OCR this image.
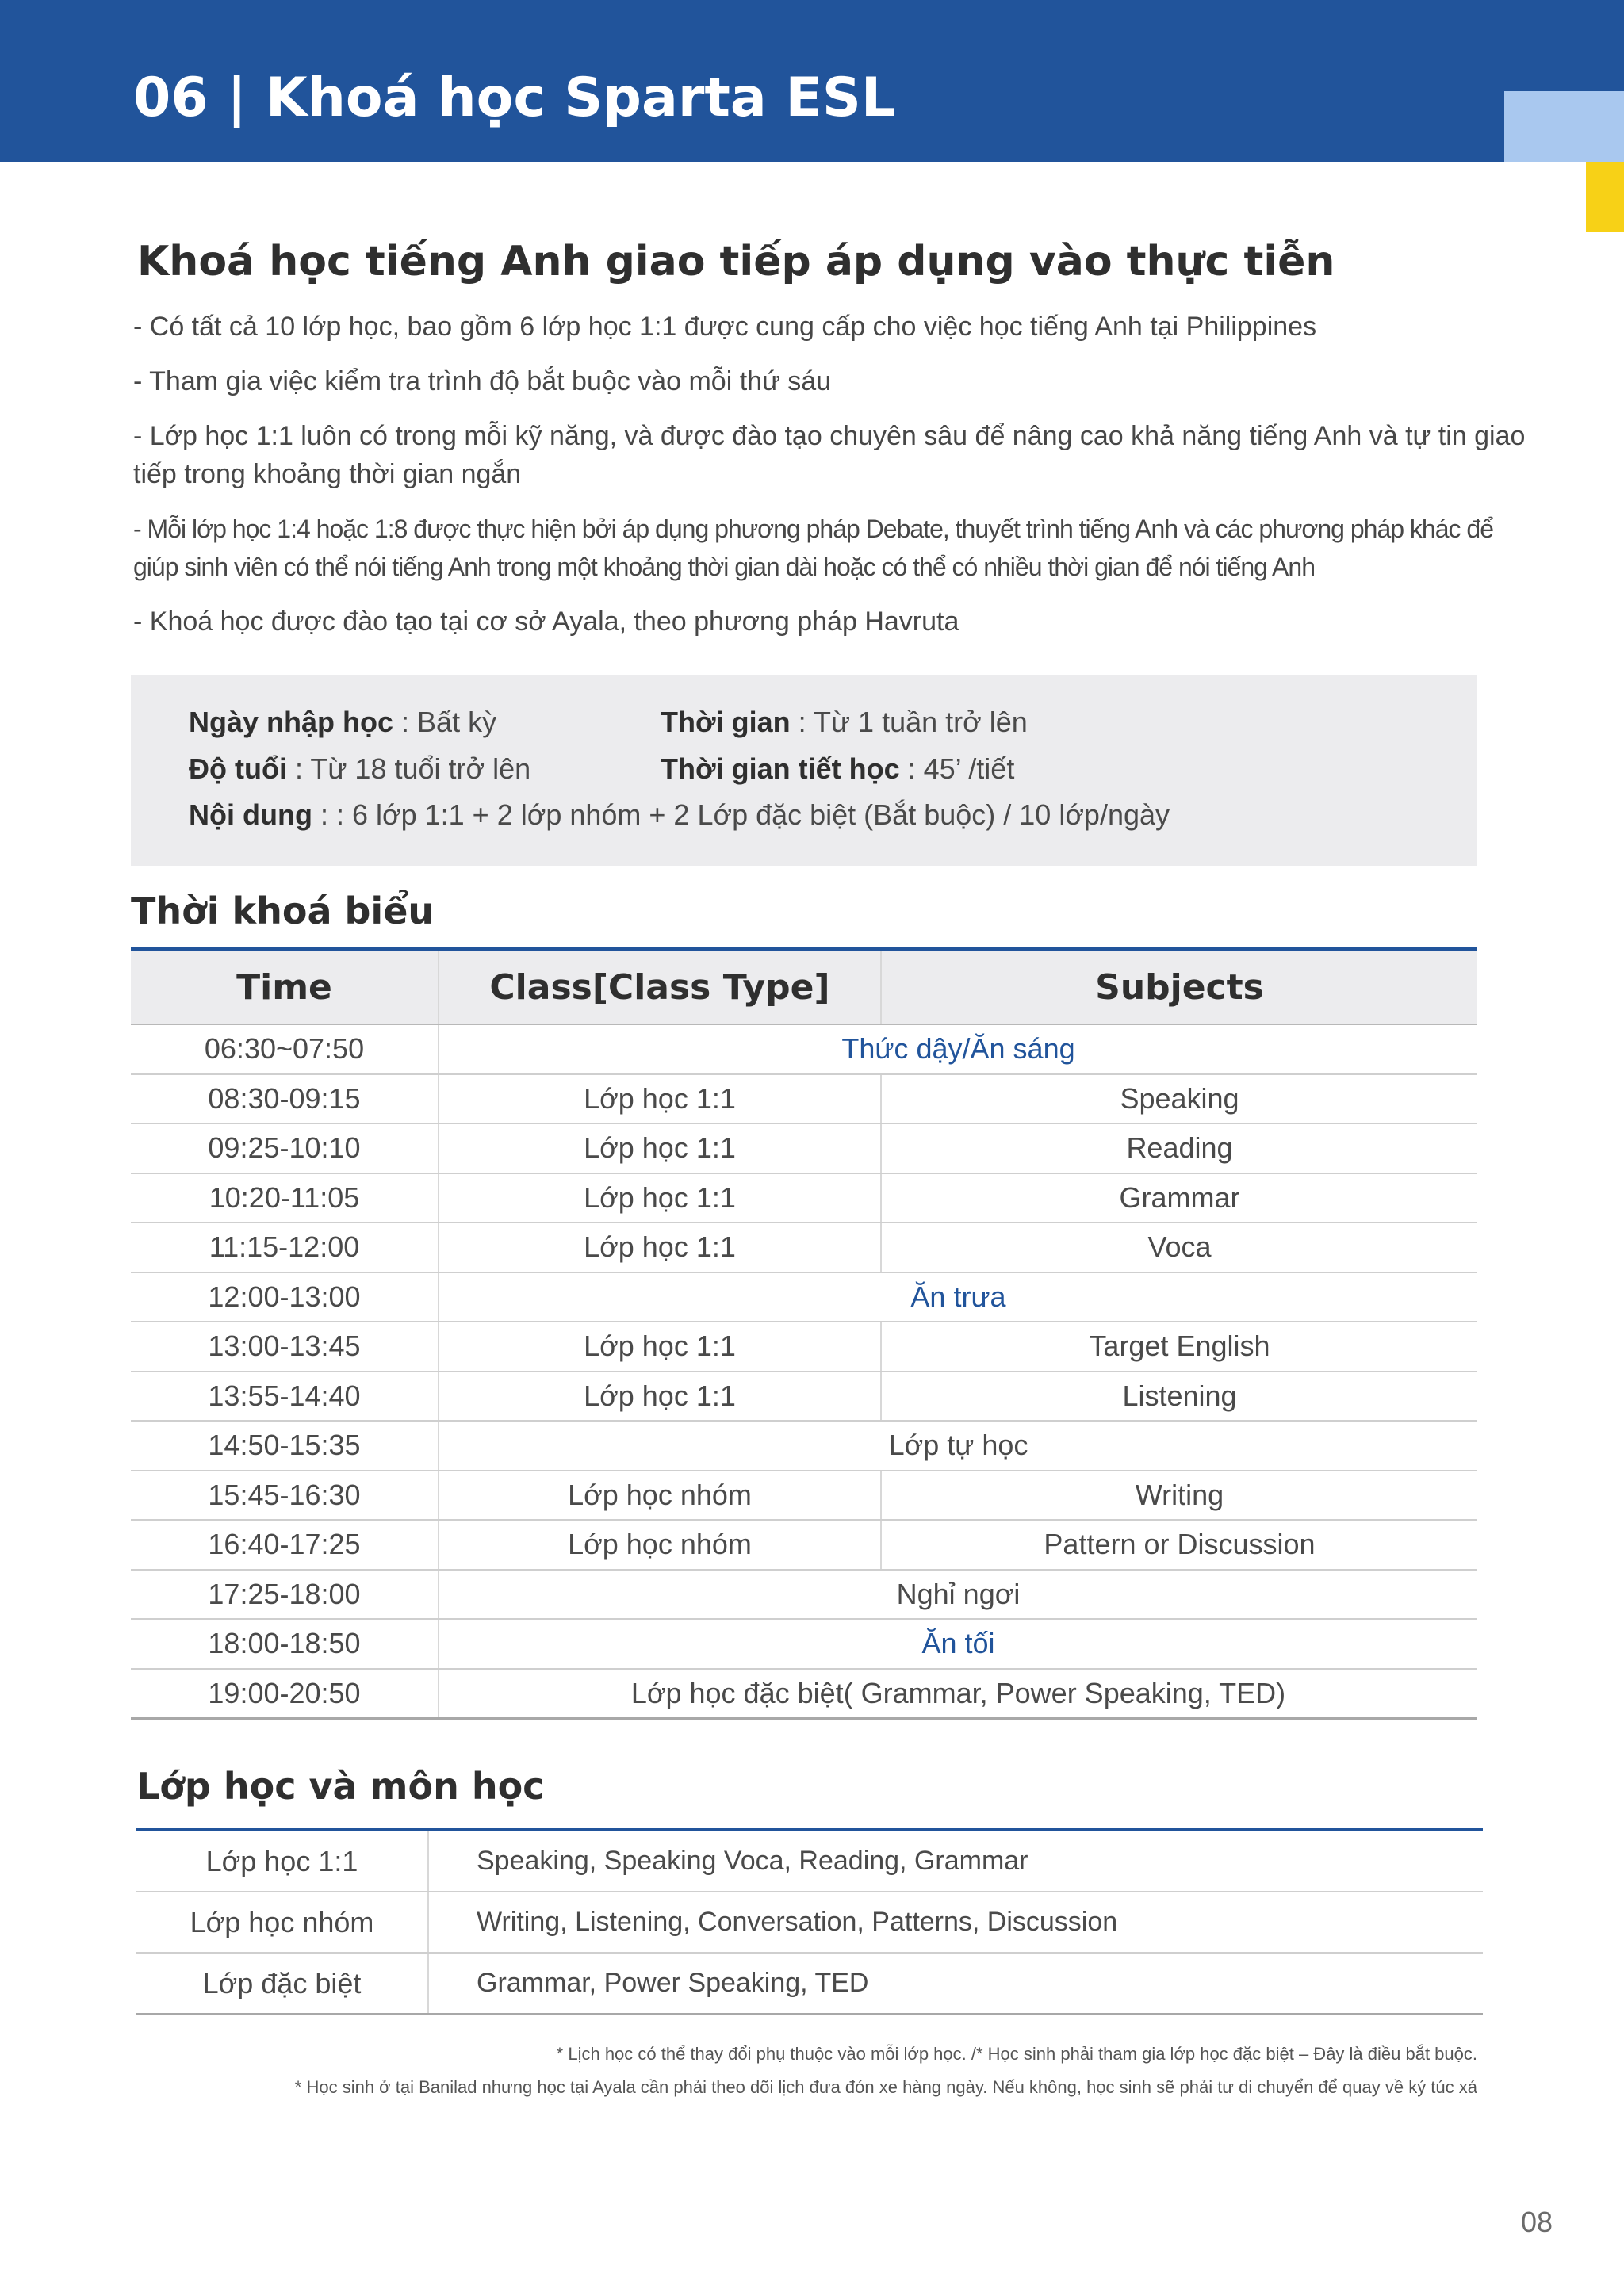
06 | Khoá học Sparta ESL
Khoá học tiếng Anh giao tiếp áp dụng vào thực tiễn
- Có tất cả 10 lớp học, bao gồm 6 lớp học 1:1 được cung cấp cho việc học tiếng Anh tại Philippines
- Tham gia việc kiểm tra trình độ bắt buộc vào mỗi thứ sáu
- Lớp học 1:1 luôn có trong mỗi kỹ năng, và được đào tạo chuyên sâu để nâng cao khả năng tiếng Anh và tự tin giao tiếp trong khoảng thời gian ngắn
- Mỗi lớp học 1:4 hoặc 1:8 được thực hiện bởi áp dụng phương pháp Debate, thuyết trình tiếng Anh và các phương pháp khác để giúp sinh viên có thể nói tiếng Anh trong một khoảng thời gian dài hoặc có thể có nhiều thời gian để nói tiếng Anh
- Khoá học được đào tạo tại cơ sở Ayala, theo phương pháp Havruta
Ngày nhập học : Bất kỳ	Thời gian : Từ 1 tuần trở lên
Độ tuổi : Từ 18 tuổi trở lên	Thời gian tiết học : 45’ /tiết
Nội dung : : 6 lớp 1:1 + 2 lớp nhóm + 2 Lớp đặc biệt (Bắt buộc) / 10 lớp/ngày
Thời khoá biểu
Time	Class[Class Type]	Subjects
06:30~07:50	Thức dậy/Ăn sáng	
08:30-09:15	Lớp học 1:1	Speaking
09:25-10:10	Lớp học 1:1	Reading
10:20-11:05	Lớp học 1:1	Grammar
11:15-12:00	Lớp học 1:1	Voca
12:00-13:00	Ăn trưa	
13:00-13:45	Lớp học 1:1	Target English
13:55-14:40	Lớp học 1:1	Listening
14:50-15:35	Lớp tự học	
15:45-16:30	Lớp học nhóm	Writing
16:40-17:25	Lớp học nhóm	Pattern or Discussion
17:25-18:00	Nghỉ ngơi	
18:00-18:50	Ăn tối	
19:00-20:50	Lớp học đặc biệt( Grammar, Power Speaking, TED)	
Lớp học và môn học
Lớp học 1:1	Speaking, Speaking Voca, Reading, Grammar
Lớp học nhóm	Writing, Listening, Conversation, Patterns, Discussion
Lớp đặc biệt	Grammar, Power Speaking, TED
* Lịch học có thể thay đổi phụ thuộc vào mỗi lớp học. /* Học sinh phải tham gia lớp học đặc biệt – Đây là điều bắt buộc.
* Học sinh ở tại Banilad nhưng học tại Ayala cần phải theo dõi lịch đưa đón xe hàng ngày. Nếu không, học sinh sẽ phải tư di chuyển để quay về ký túc xá
08
